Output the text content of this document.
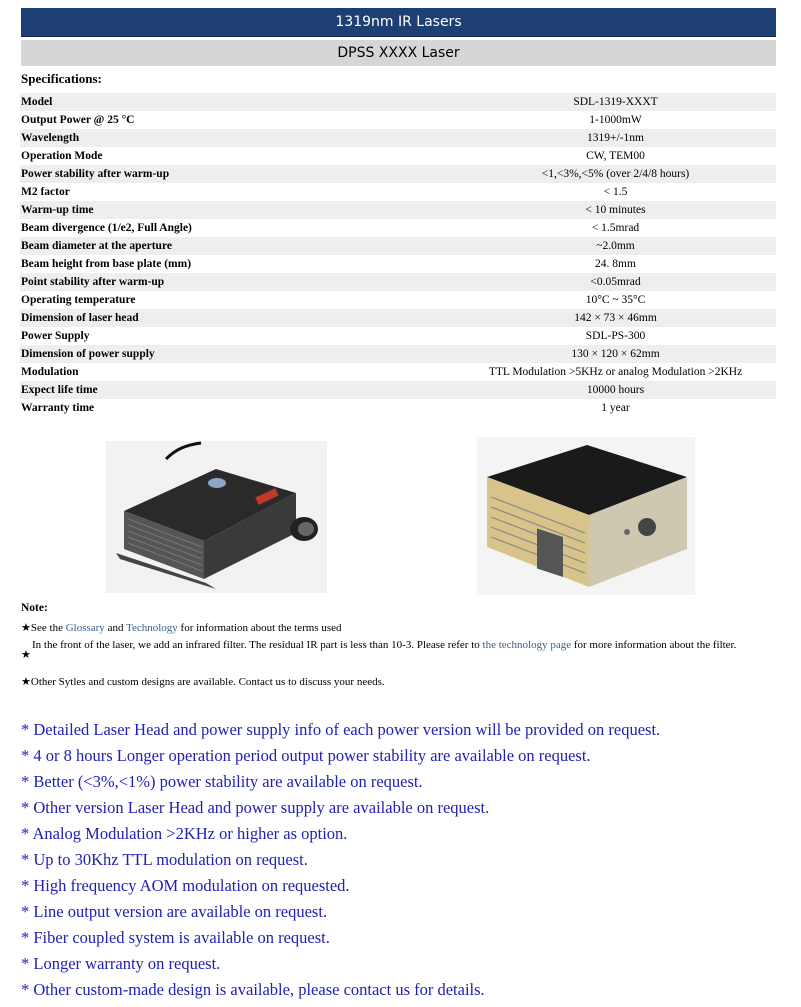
1319nm IR Lasers
DPSS XXXX Laser
Specifications:
Model	SDL-1319-XXXT
Output Power @ 25 °C	1-1000mW
Wavelength	1319+/-1nm
Operation Mode	CW, TEM00
Power stability after warm-up	<1,<3%,<5% (over 2/4/8 hours)
M2 factor	< 1.5
Warm-up time	< 10 minutes
Beam divergence (1/e2, Full Angle)	< 1.5mrad
Beam diameter at the aperture	~2.0mm
Beam height from base plate (mm)	24. 8mm
Point stability after warm-up	<0.05mrad
Operating temperature	10°C ~ 35°C
Dimension of laser head	142 × 73 × 46mm
Power Supply	SDL-PS-300
Dimension of power supply	130 × 120 × 62mm
Modulation	TTL Modulation >5KHz or analog Modulation >2KHz
Expect life time	10000 hours
Warranty time	1 year
Note:
★See the Glossary and Technology for information about the terms used
★
In the front of the laser, we add an infrared filter. The residual IR part is less than 10-3. Please refer to the technology page for more information about the filter.
★Other Sytles and custom designs are available. Contact us to discuss your needs.
* Detailed Laser Head and power supply info of each power version will be provided on request.
* 4 or 8 hours Longer operation period output power stability are available on request.
* Better (<3%,<1%) power stability are available on request.
* Other version Laser Head and power supply are available on request.
* Analog Modulation >2KHz or higher as option.
* Up to 30Khz TTL modulation on request.
* High frequency AOM modulation on requested.
* Line output version are available on request.
* Fiber coupled system is available on request.
* Longer warranty on request.
* Other custom-made design is available, please contact us for details.
